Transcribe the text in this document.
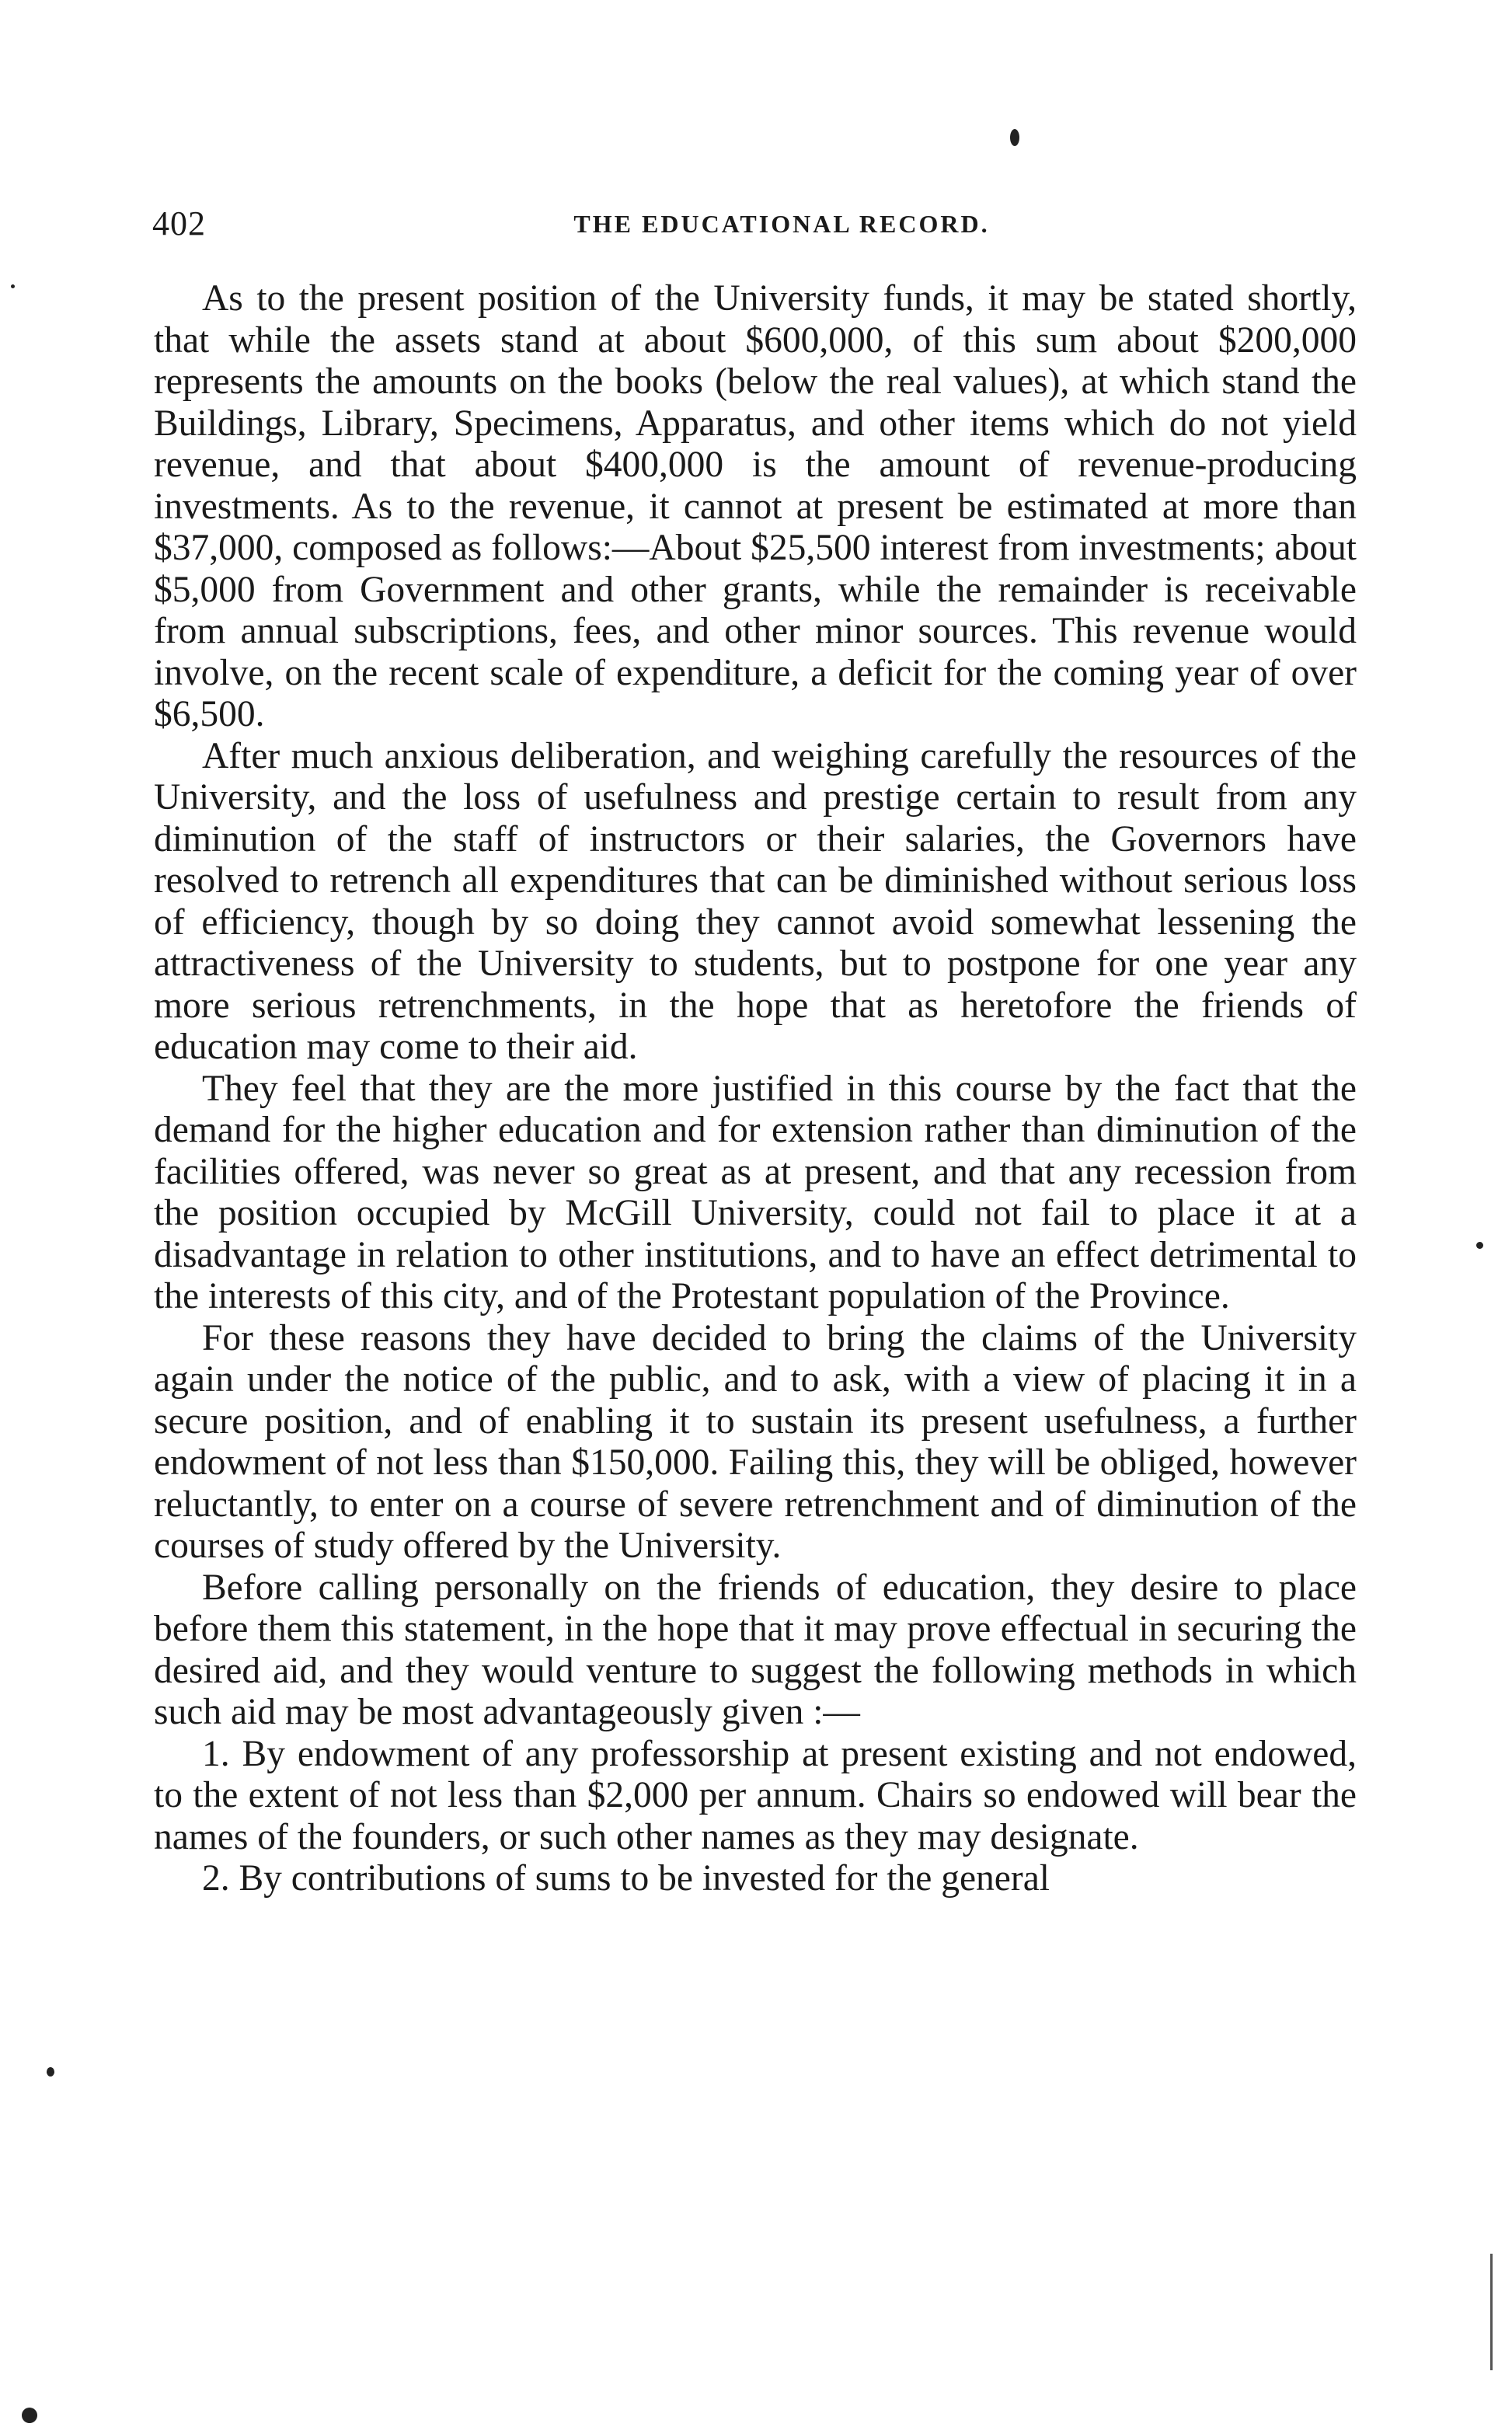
402	THE EDUCATIONAL RECORD.

As to the present position of the University funds, it may be stated shortly, that while the assets stand at about $600,000, of this sum about $200,000 represents the amounts on the books (below the real values), at which stand the Buildings, Library, Specimens, Apparatus, and other items which do not yield revenue, and that about $400,000 is the amount of revenue-producing investments. As to the revenue, it cannot at present be estimated at more than $37,000, composed as follows:—About $25,500 interest from investments; about $5,000 from Government and other grants, while the remainder is receivable from annual subscriptions, fees, and other minor sources. This revenue would involve, on the recent scale of expenditure, a deficit for the coming year of over $6,500.

After much anxious deliberation, and weighing carefully the resources of the University, and the loss of usefulness and prestige certain to result from any diminution of the staff of instructors or their salaries, the Governors have resolved to retrench all expenditures that can be diminished without serious loss of efficiency, though by so doing they cannot avoid somewhat lessening the attractiveness of the University to students, but to postpone for one year any more serious retrenchments, in the hope that as heretofore the friends of education may come to their aid.

They feel that they are the more justified in this course by the fact that the demand for the higher education and for extension rather than diminution of the facilities offered, was never so great as at present, and that any recession from the position occupied by McGill University, could not fail to place it at a disadvantage in relation to other institutions, and to have an effect detrimental to the interests of this city, and of the Protestant population of the Province.

For these reasons they have decided to bring the claims of the University again under the notice of the public, and to ask, with a view of placing it in a secure position, and of enabling it to sustain its present usefulness, a further endowment of not less than $150,000. Failing this, they will be obliged, however reluctantly, to enter on a course of severe retrenchment and of diminution of the courses of study offered by the University.

Before calling personally on the friends of education, they desire to place before them this statement, in the hope that it may prove effectual in securing the desired aid, and they would venture to suggest the following methods in which such aid may be most advantageously given :—

1. By endowment of any professorship at present existing and not endowed, to the extent of not less than $2,000 per annum. Chairs so endowed will bear the names of the founders, or such other names as they may designate.

2. By contributions of sums to be invested for the general
